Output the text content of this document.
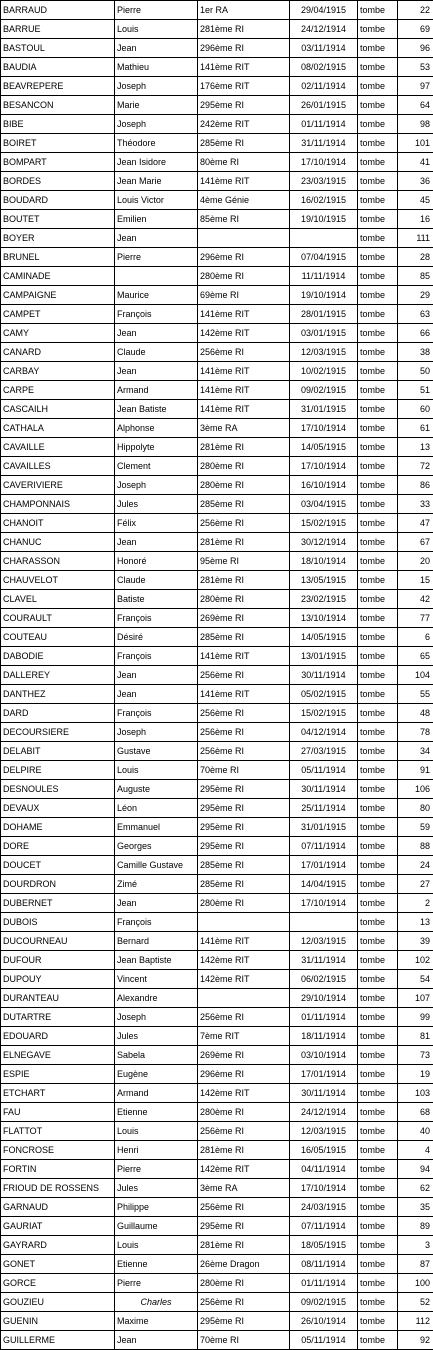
BARRAUD	Pierre	1er RA	29/04/1915	tombe	22
BARRUE	Louis	281ème RI	24/12/1914	tombe	69
BASTOUL	Jean	296ème RI	03/11/1914	tombe	96
BAUDIA	Mathieu	141ème RIT	08/02/1915	tombe	53
BEAVREPERE	Joseph	176ème RIT	02/11/1914	tombe	97
BESANCON	Marie	295ème RI	26/01/1915	tombe	64
BIBE	Joseph	242ème RIT	01/11/1914	tombe	98
BOIRET	Théodore	285ème RI	31/11/1914	tombe	101
BOMPART	Jean Isidore	80ème RI	17/10/1914	tombe	41
BORDES	Jean Marie	141ème RIT	23/03/1915	tombe	36
BOUDARD	Louis Victor	4ème Génie	16/02/1915	tombe	45
BOUTET	Emilien	85ème RI	19/10/1915	tombe	16
BOYER	Jean			tombe	111
BRUNEL	Pierre	296ème RI	07/04/1915	tombe	28
CAMINADE		280ème RI	11/11/1914	tombe	85
CAMPAIGNE	Maurice	69ème RI	19/10/1914	tombe	29
CAMPET	François	141ème RIT	28/01/1915	tombe	63
CAMY	Jean	142ème RIT	03/01/1915	tombe	66
CANARD	Claude	256ème RI	12/03/1915	tombe	38
CARBAY	Jean	141ème RIT	10/02/1915	tombe	50
CARPE	Armand	141ème RIT	09/02/1915	tombe	51
CASCAILH	Jean Batiste	141ème RIT	31/01/1915	tombe	60
CATHALA	Alphonse	3ème RA	17/10/1914	tombe	61
CAVAILLE	Hippolyte	281ème RI	14/05/1915	tombe	13
CAVAILLES	Clement	280ème RI	17/10/1914	tombe	72
CAVERIVIERE	Joseph	280ème RI	16/10/1914	tombe	86
CHAMPONNAIS	Jules	285ème RI	03/04/1915	tombe	33
CHANOIT	Félix	256ème RI	15/02/1915	tombe	47
CHANUC	Jean	281ème RI	30/12/1914	tombe	67
CHARASSON	Honoré	95ème RI	18/10/1914	tombe	20
CHAUVELOT	Claude	281ème RI	13/05/1915	tombe	15
CLAVEL	Batiste	280ème RI	23/02/1915	tombe	42
COURAULT	François	269ème RI	13/10/1914	tombe	77
COUTEAU	Désiré	285ème RI	14/05/1915	tombe	6
DABODIE	François	141ème RIT	13/01/1915	tombe	65
DALLEREY	Jean	256ème RI	30/11/1914	tombe	104
DANTHEZ	Jean	141ème RIT	05/02/1915	tombe	55
DARD	François	256ème RI	15/02/1915	tombe	48
DECOURSIERE	Joseph	256ème RI	04/12/1914	tombe	78
DELABIT	Gustave	256ème RI	27/03/1915	tombe	34
DELPIRE	Louis	70ème RI	05/11/1914	tombe	91
DESNOULES	Auguste	295ème RI	30/11/1914	tombe	106
DEVAUX	Léon	295ème RI	25/11/1914	tombe	80
DOHAME	Emmanuel	295ème RI	31/01/1915	tombe	59
DORE	Georges	295ème RI	07/11/1914	tombe	88
DOUCET	Camille Gustave	285ème RI	17/01/1914	tombe	24
DOURDRON	Zimé	285ème RI	14/04/1915	tombe	27
DUBERNET	Jean	280ème RI	17/10/1914	tombe	2
DUBOIS	François			tombe	13
DUCOURNEAU	Bernard	141ème RIT	12/03/1915	tombe	39
DUFOUR	Jean Baptiste	142ème RIT	31/11/1914	tombe	102
DUPOUY	Vincent	142ème RIT	06/02/1915	tombe	54
DURANTEAU	Alexandre		29/10/1914	tombe	107
DUTARTRE	Joseph	256ème RI	01/11/1914	tombe	99
EDOUARD	Jules	7ème RIT	18/11/1914	tombe	81
ELNEGAVE	Sabela	269ème RI	03/10/1914	tombe	73
ESPIE	Eugène	296ème RI	17/01/1914	tombe	19
ETCHART	Armand	142ème RIT	30/11/1914	tombe	103
FAU	Etienne	280ème RI	24/12/1914	tombe	68
FLATTOT	Louis	256ème RI	12/03/1915	tombe	40
FONCROSE	Henri	281ème RI	16/05/1915	tombe	4
FORTIN	Pierre	142ème RIT	04/11/1914	tombe	94
FRIOUD DE ROSSENS	Jules	3ème RA	17/10/1914	tombe	62
GARNAUD	Philippe	256ème RI	24/03/1915	tombe	35
GAURIAT	Guillaume	295ème RI	07/11/1914	tombe	89
GAYRARD	Louis	281ème RI	18/05/1915	tombe	3
GONET	Etienne	26ème Dragon	08/11/1914	tombe	87
GORCE	Pierre	280ème RI	01/11/1914	tombe	100
GOUZIEU	Charles	256ème RI	09/02/1915	tombe	52
GUENIN	Maxime	295ème RI	26/10/1914	tombe	112
GUILLERME	Jean	70ème RI	05/11/1914	tombe	92
